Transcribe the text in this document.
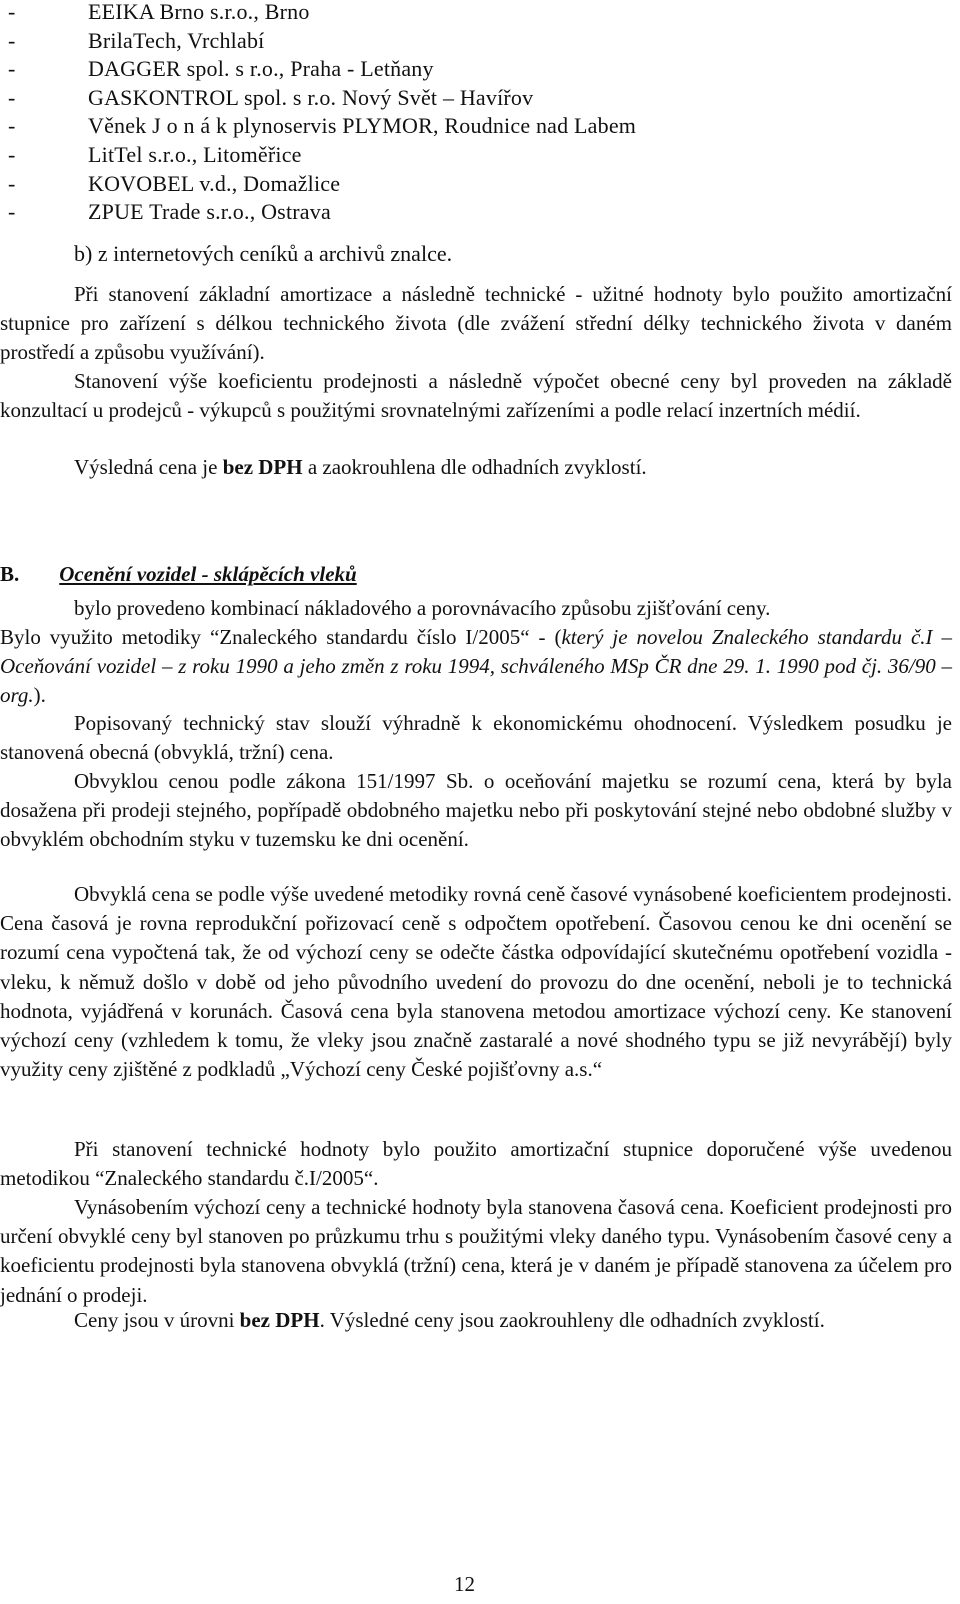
-	EEIKA Brno s.r.o., Brno
-	BrilaTech, Vrchlabí
-	DAGGER spol. s r.o., Praha - Letňany
-	GASKONTROL spol. s r.o. Nový Svět – Havířov
-	Věnek J o n á k plynoservis PLYMOR, Roudnice nad Labem
-	LitTel s.r.o., Litoměřice
-	KOVOBEL v.d., Domažlice
-	ZPUE Trade s.r.o., Ostrava
b) z internetových ceníků a archivů znalce.

Při stanovení základní amortizace a následně technické - užitné hodnoty bylo použito amortizační stupnice pro zařízení s délkou technického života (dle zvážení střední délky technického života v daném prostředí a způsobu využívání).

Stanovení výše koeficientu prodejnosti a následně výpočet obecné ceny byl proveden na základě konzultací u prodejců - výkupců s použitými srovnatelnými zařízeními a podle relací inzertních médií.

Výsledná cena je bez DPH a zaokrouhlena dle odhadních zvyklostí.

B. Ocenění vozidel - sklápěcích vleků

bylo provedeno kombinací nákladového a porovnávacího způsobu zjišťování ceny.

Bylo využito metodiky “Znaleckého standardu číslo I/2005“ - (který je novelou Znaleckého standardu č.I – Oceňování vozidel – z roku 1990 a jeho změn z roku 1994, schváleného MSp ČR dne 29. 1. 1990 pod čj. 36/90 – org.).

Popisovaný technický stav slouží výhradně k ekonomickému ohodnocení. Výsledkem posudku je stanovená obecná (obvyklá, tržní) cena.

Obvyklou cenou podle zákona 151/1997 Sb. o oceňování majetku se rozumí cena, která by byla dosažena při prodeji stejného, popřípadě obdobného majetku nebo při poskytování stejné nebo obdobné služby v obvyklém obchodním styku v tuzemsku ke dni ocenění.

Obvyklá cena se podle výše uvedené metodiky rovná ceně časové vynásobené koeficientem prodejnosti. Cena časová je rovna reprodukční pořizovací ceně s odpočtem opotřebení. Časovou cenou ke dni ocenění se rozumí cena vypočtená tak, že od výchozí ceny se odečte částka odpovídající skutečnému opotřebení vozidla - vleku, k němuž došlo v době od jeho původního uvedení do provozu do dne ocenění, neboli je to technická hodnota, vyjádřená v korunách. Časová cena byla stanovena metodou amortizace výchozí ceny. Ke stanovení výchozí ceny (vzhledem k tomu, že vleky jsou značně zastaralé a nové shodného typu se již nevyrábějí) byly využity ceny zjištěné z podkladů „Výchozí ceny České pojišťovny a.s.“

Při stanovení technické hodnoty bylo použito amortizační stupnice doporučené výše uvedenou metodikou “Znaleckého standardu č.I/2005“.

Vynásobením výchozí ceny a technické hodnoty byla stanovena časová cena. Koeficient prodejnosti pro určení obvyklé ceny byl stanoven po průzkumu trhu s použitými vleky daného typu. Vynásobením časové ceny a koeficientu prodejnosti byla stanovena obvyklá (tržní) cena, která je v daném je případě stanovena za účelem pro jednání o prodeji.

Ceny jsou v úrovni bez DPH. Výsledné ceny jsou zaokrouhleny dle odhadních zvyklostí.

12
